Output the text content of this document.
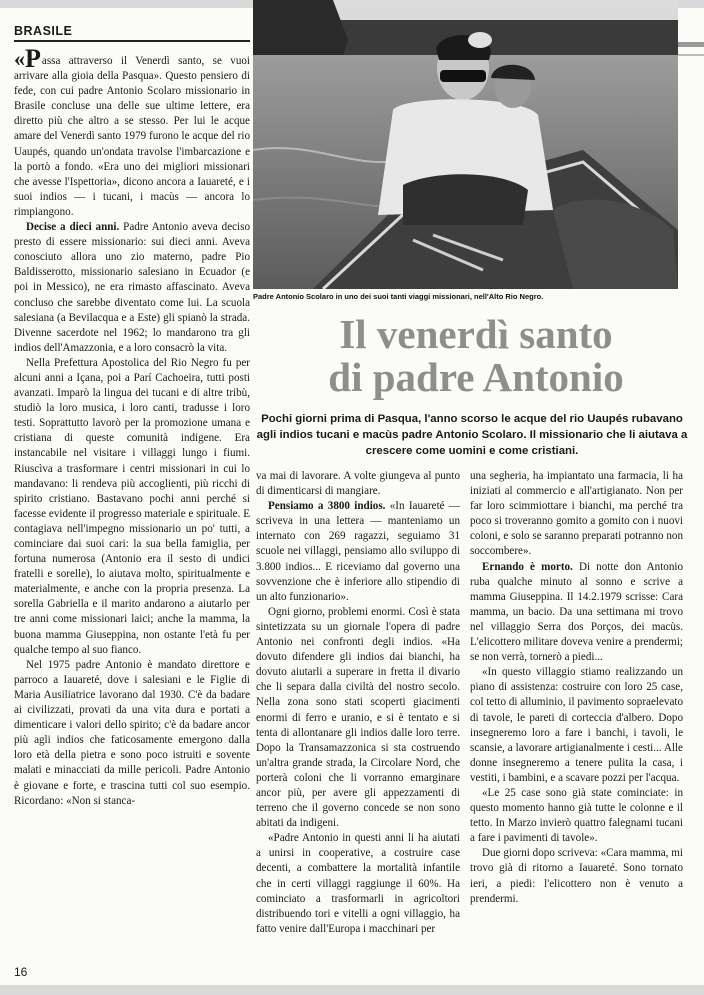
BRASILE
Padre Antonio Scolaro in uno dei suoi tanti viaggi missionari, nell'Alto Rio Negro.

«Passa attraverso il Venerdì santo, se vuoi arrivare alla gioia della Pasqua». Questo pensiero di fede, con cui padre Antonio Scolaro missionario in Brasile concluse una delle sue ultime lettere, era diretto più che altro a se stesso. Per lui le acque amare del Venerdì santo 1979 furono le acque del rio Uaupés, quando un'ondata travolse l'imbarcazione e la portò a fondo. «Era uno dei migliori missionari che avesse l'Ispettoria», dicono ancora a Iauareté, e i suoi indios — i tucani, i macùs — ancora lo rimpiangono.

Decise a dieci anni. Padre Antonio aveva deciso presto di essere missionario: sui dieci anni. Aveva conosciuto allora uno zio materno, padre Pio Baldisserotto, missionario salesiano in Ecuador (e poi in Messico), ne era rimasto affascinato. Aveva concluso che sarebbe diventato come lui. La scuola salesiana (a Bevilacqua e a Este) gli spianò la strada. Divenne sacerdote nel 1962; lo mandarono tra gli indios dell'Amazzonia, e a loro consacrò la vita.

Nella Prefettura Apostolica del Rio Negro fu per alcuni anni a Içana, poi a Parí Cachoeira, tutti posti avanzati. Imparò la lingua dei tucani e di altre tribù, studiò la loro musica, i loro canti, tradusse i loro testi. Soprattutto lavorò per la promozione umana e cristiana di queste comunità indigene. Era instancabile nel visitare i villaggi lungo i fiumi. Riuscìva a trasformare i centri missionari in cui lo mandavano: li rendeva più accoglienti, più ricchi di spirito cristiano. Bastavano pochi anni perché si facesse evidente il progresso materiale e spirituale. E contagiava nell'impegno missionario un po' tutti, a cominciare dai suoi cari: la sua bella famiglia, per fortuna numerosa (Antonio era il sesto di undici fratelli e sorelle), lo aiutava molto, spiritualmente e materialmente, e anche con la propria presenza. La sorella Gabriella e il marito andarono a aiutarlo per tre anni come missionari laici; anche la mamma, la buona mamma Giuseppina, non ostante l'età fu per qualche tempo al suo fianco.

Nel 1975 padre Antonio è mandato direttore e parroco a Iauareté, dove i salesiani e le Figlie di Maria Ausiliatrice lavorano dal 1930. C'è da badare ai civilizzati, provati da una vita dura e portati a dimenticare i valori dello spirito; c'è da badare ancor più agli indios che faticosamente emergono dalla loro età della pietra e sono poco istruiti e sovente malati e minacciati da mille pericoli. Padre Antonio è giovane e forte, e trascina tutti col suo esempio. Ricordano: «Non si stanca-

Il venerdì santo
di padre Antonio
Pochi giorni prima di Pasqua, l'anno scorso le acque del rio Uaupés rubavano agli indios tucani e macùs padre Antonio Scolaro. Il missionario che li aiutava a crescere come uomini e come cristiani.

va mai di lavorare. A volte giungeva al punto di dimenticarsi di mangiare.

Pensiamo a 3800 indios. «In Iauareté — scriveva in una lettera — manteniamo un internato con 269 ragazzi, seguiamo 31 scuole nei villaggi, pensiamo allo sviluppo di 3.800 indios... E riceviamo dal governo una sovvenzione che è inferiore allo stipendio di un alto funzionario».

Ogni giorno, problemi enormi. Così è stata sintetizzata su un giornale l'opera di padre Antonio nei confronti degli indios. «Ha dovuto difendere gli indios dai bianchi, ha dovuto aiutarli a superare in fretta il divario che li separa dalla civiltà del nostro secolo. Nella zona sono stati scoperti giacimenti enormi di ferro e uranio, e si è tentato e si tenta di allontanare gli indios dalle loro terre. Dopo la Transamazzonica si sta costruendo un'altra grande strada, la Circolare Nord, che porterà coloni che li vorranno emarginare ancor più, per avere gli appezzamenti di terreno che il governo concede se non sono abitati da indigeni.

«Padre Antonio in questi anni li ha aiutati a unirsi in cooperative, a costruire case decenti, a combattere la mortalità infantile che in certi villaggi raggiunge il 60%. Ha cominciato a trasformarli in agricoltori distribuendo tori e vitelli a ogni villaggio, ha fatto venire dall'Europa i macchinari per

una segheria, ha impiantato una farmacia, li ha iniziati al commercio e all'artigianato. Non per far loro scimmiottare i bianchi, ma perché tra poco si troveranno gomito a gomito con i nuovi coloni, e solo se saranno preparati potranno non soccombere».

Ernando è morto. Di notte don Antonio ruba qualche minuto al sonno e scrive a mamma Giuseppina. Il 14.2.1979 scrisse: Cara mamma, un bacio. Da una settimana mi trovo nel villaggio Serra dos Porços, dei macùs. L'elicottero militare doveva venire a prendermi; se non verrà, tornerò a piedi...

«In questo villaggio stiamo realizzando un piano di assistenza: costruire con loro 25 case, col tetto di alluminio, il pavimento sopraelevato di tavole, le pareti di corteccia d'albero. Dopo insegneremo loro a fare i banchi, i tavoli, le scansie, a lavorare artigianalmente i cesti... Alle donne insegneremo a tenere pulita la casa, i vestiti, i bambini, e a scavare pozzi per l'acqua.

«Le 25 case sono già state cominciate: in questo momento hanno già tutte le colonne e il tetto. In Marzo invierò quattro falegnami tucani a fare i pavimenti di tavole».

Due giorni dopo scriveva: «Cara mamma, mi trovo già di ritorno a Iauareté. Sono tornato ieri, a piedi: l'elicottero non è venuto a prendermi.

16
